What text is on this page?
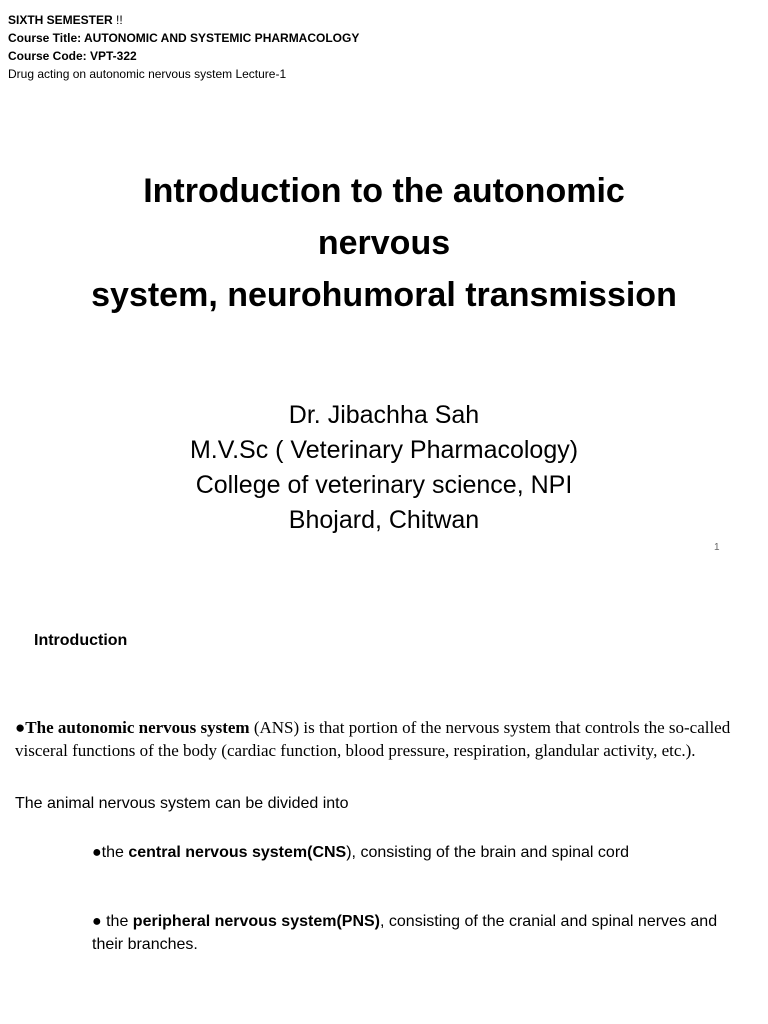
SIXTH SEMESTER !!
Course Title: AUTONOMIC AND SYSTEMIC PHARMACOLOGY
Course Code: VPT-322
Drug acting on autonomic nervous system Lecture-1
Introduction to the autonomic
nervous
system, neurohumoral transmission
Dr. Jibachha Sah
M.V.Sc ( Veterinary Pharmacology)
College of veterinary science, NPI
Bhojard, Chitwan
1
Introduction
●The autonomic nervous system (ANS) is that portion of the nervous system that controls the so-called visceral functions of the body (cardiac function, blood pressure, respiration, glandular activity, etc.).
The animal nervous system can be divided into
●the central nervous system(CNS), consisting of the brain and spinal cord
● the peripheral nervous system(PNS), consisting of the cranial and spinal nerves and their branches.
